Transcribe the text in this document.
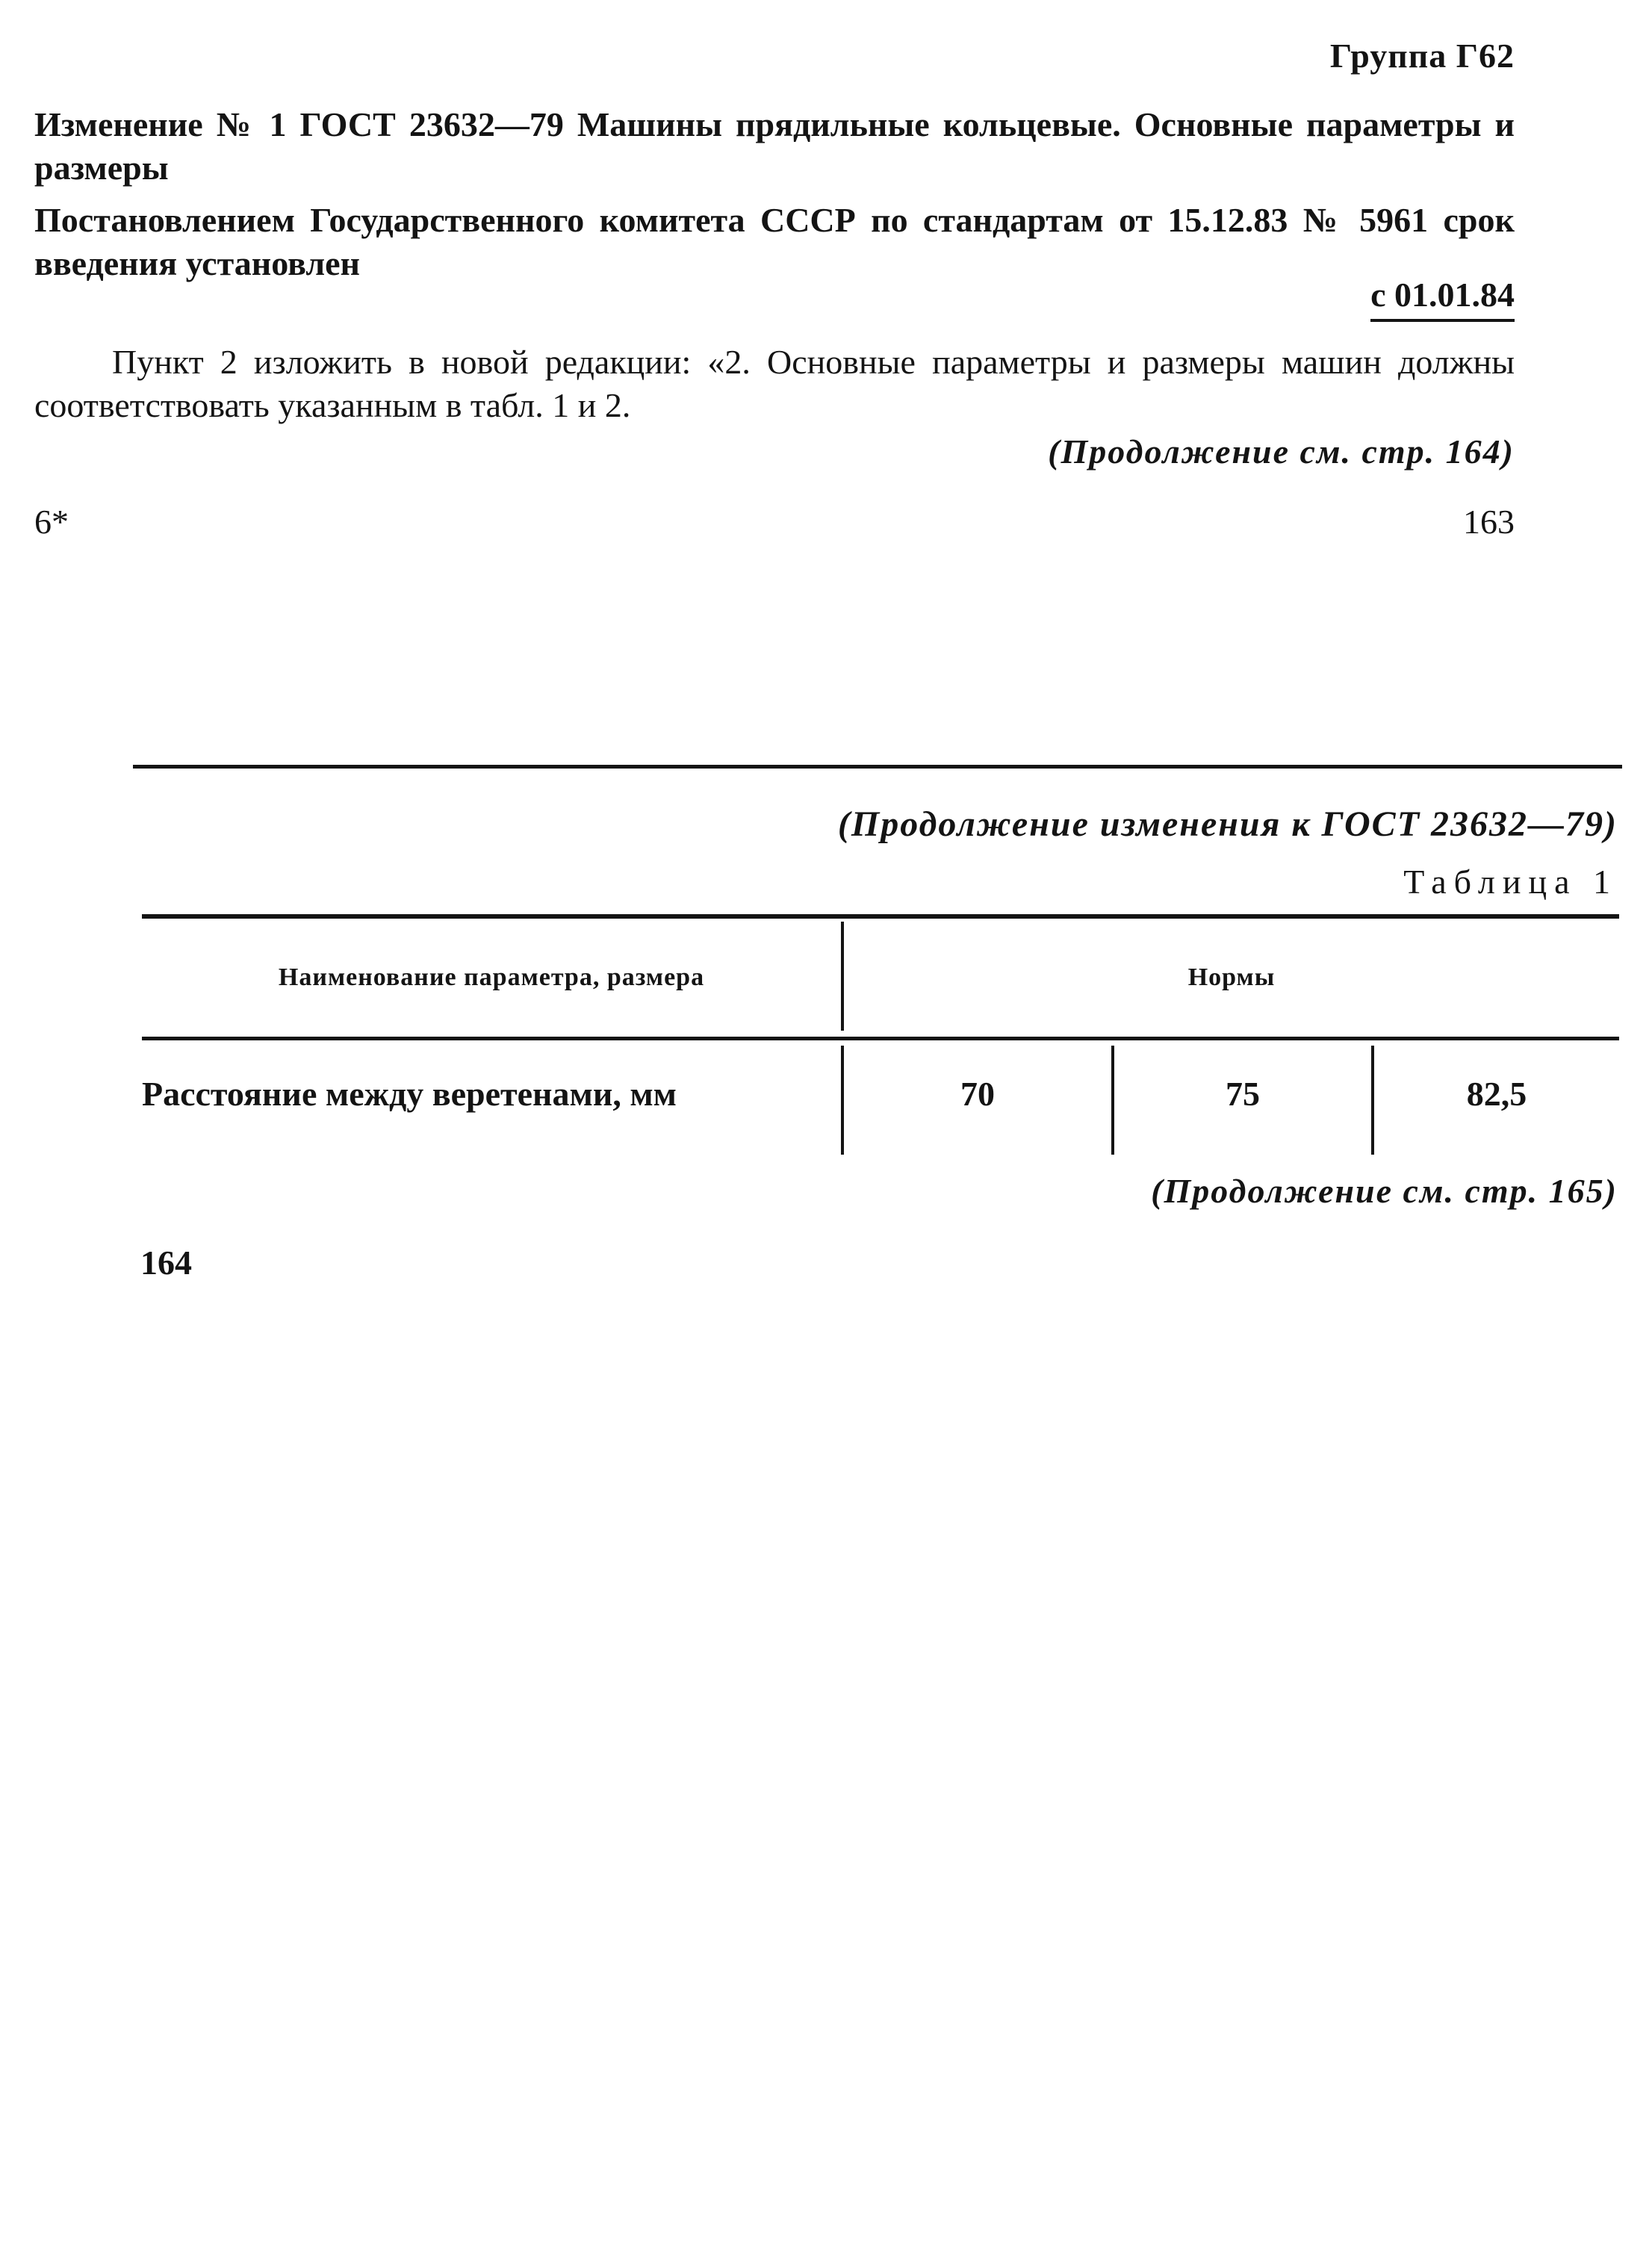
Группа Г62
Изменение № 1 ГОСТ 23632—79 Машины прядильные кольцевые. Основные параметры и размеры
Постановлением Государственного комитета СССР по стандартам от 15.12.83 № 5961 срок введения установлен
с 01.01.84
Пункт 2 изложить в новой редакции: «2. Основные параметры и размеры машин должны соответствовать указанным в табл. 1 и 2.
(Продолжение см. стр. 164)
6*	163
(Продолжение изменения к ГОСТ 23632—79)
Таблица 1
Наименование параметра, размера	Нормы
Расстояние между веретенами, мм	70	75	82,5
(Продолжение см. стр. 165)
164
